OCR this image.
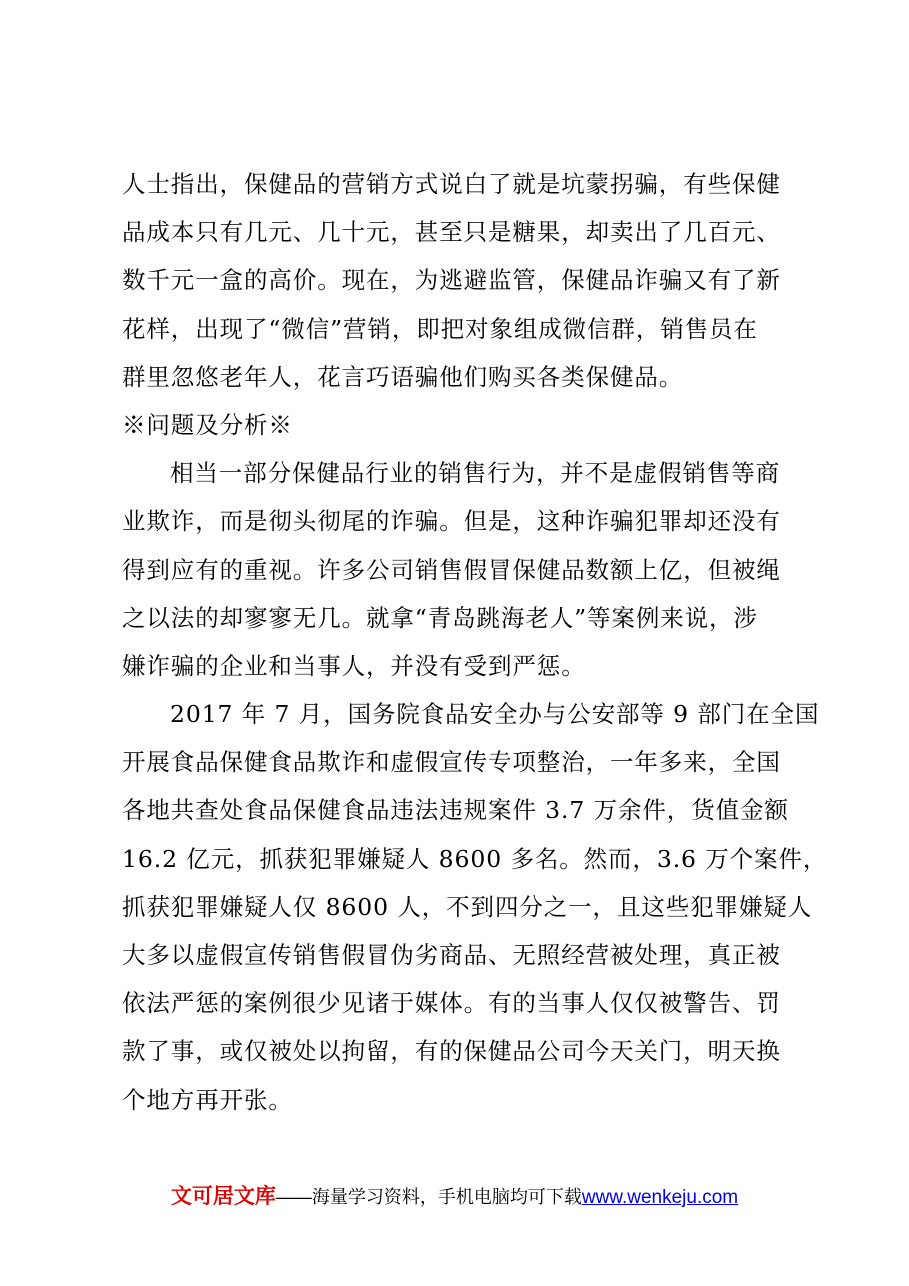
人士指出，保健品的营销方式说白了就是坑蒙拐骗，有些保健
品成本只有几元、几十元，甚至只是糖果，却卖出了几百元、
数千元一盒的高价。现在，为逃避监管，保健品诈骗又有了新
花样，出现了“微信”营销，即把对象组成微信群，销售员在
群里忽悠老年人，花言巧语骗他们购买各类保健品。
※问题及分析※
相当一部分保健品行业的销售行为，并不是虚假销售等商
业欺诈，而是彻头彻尾的诈骗。但是，这种诈骗犯罪却还没有
得到应有的重视。许多公司销售假冒保健品数额上亿，但被绳
之以法的却寥寥无几。就拿“青岛跳海老人”等案例来说，涉
嫌诈骗的企业和当事人，并没有受到严惩。
2017 年 7 月，国务院食品安全办与公安部等 9 部门在全国
开展食品保健食品欺诈和虚假宣传专项整治，一年多来，全国
各地共查处食品保健食品违法违规案件 3.7 万余件，货值金额
16.2 亿元，抓获犯罪嫌疑人 8600 多名。然而，3.6 万个案件，
抓获犯罪嫌疑人仅 8600 人，不到四分之一，且这些犯罪嫌疑人
大多以虚假宣传销售假冒伪劣商品、无照经营被处理，真正被
依法严惩的案例很少见诸于媒体。有的当事人仅仅被警告、罚
款了事，或仅被处以拘留，有的保健品公司今天关门，明天换
个地方再开张。
文可居文库——海量学习资料，手机电脑均可下载www.wenkeju.com
